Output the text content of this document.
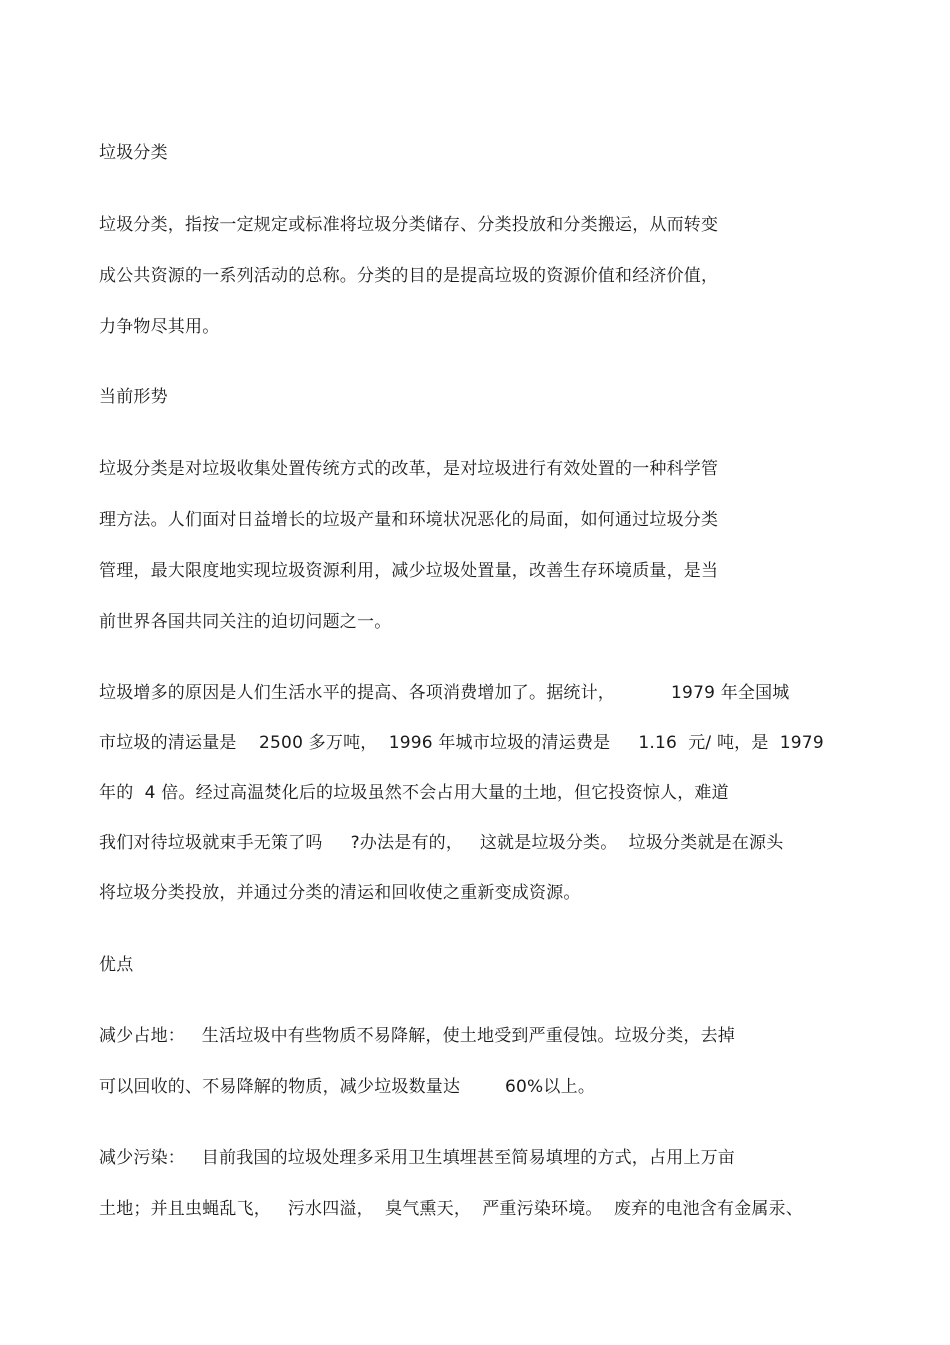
垃圾分类
垃圾分类，指按一定规定或标准将垃圾分类储存、分类投放和分类搬运，从而转变
成公共资源的一系列活动的总称。分类的目的是提高垃圾的资源价值和经济价值，
力争物尽其用。
当前形势
垃圾分类是对垃圾收集处置传统方式的改革，是对垃圾进行有效处置的一种科学管
理方法。人们面对日益增长的垃圾产量和环境状况恶化的局面，如何通过垃圾分类
管理，最大限度地实现垃圾资源利用，减少垃圾处置量，改善生存环境质量，是当
前世界各国共同关注的迫切问题之一。
垃圾增多的原因是人们生活水平的提高、各项消费增加了。据统计，          1979 年全国城
市垃圾的清运量是    2500 多万吨，  1996 年城市垃圾的清运费是     1.16  元/ 吨，是  1979
年的  4 倍。经过高温焚化后的垃圾虽然不会占用大量的土地，但它投资惊人，难道
我们对待垃圾就束手无策了吗     ?办法是有的，   这就是垃圾分类。  垃圾分类就是在源头
将垃圾分类投放，并通过分类的清运和回收使之重新变成资源。
优点
减少占地：   生活垃圾中有些物质不易降解，使土地受到严重侵蚀。垃圾分类，去掉
可以回收的、不易降解的物质，减少垃圾数量达        60%以上。
减少污染：   目前我国的垃圾处理多采用卫生填埋甚至简易填埋的方式，占用上万亩
土地；并且虫蝇乱飞，   污水四溢，  臭气熏天，  严重污染环境。  废弃的电池含有金属汞、
